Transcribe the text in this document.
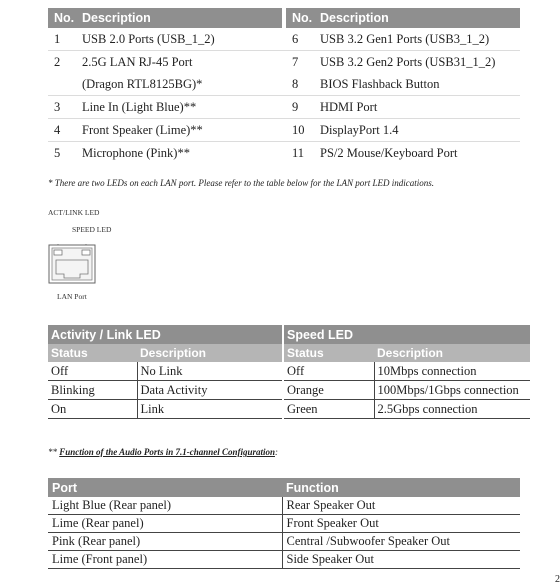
No.	Description		No.	Description
1	USB 2.0 Ports (USB_1_2)		6	USB 3.2 Gen1 Ports (USB3_1_2)
2	2.5G LAN RJ-45 Port		7	USB 3.2 Gen2 Ports (USB31_1_2)
	(Dragon RTL8125BG)*		8	BIOS Flashback Button
3	Line In (Light Blue)**		9	HDMI Port
4	Front Speaker (Lime)**		10	DisplayPort 1.4
5	Microphone (Pink)**		11	PS/2 Mouse/Keyboard Port
* There are two LEDs on each LAN port. Please refer to the table below for the LAN port LED indications.
ACT/LINK LED
SPEED LED
LAN Port
Activity / Link LED	
Status	Description
Off	No Link
Blinking	Data Activity
On	Link
Speed LED	
Status	Description
Off	10Mbps connection
Orange	100Mbps/1Gbps connection
Green	2.5Gbps connection
** Function of the Audio Ports in 7.1-channel Configuration:
Port	Function
Light Blue (Rear panel)	Rear Speaker Out
Lime (Rear panel)	Front Speaker Out
Pink (Rear panel)	Central /Subwoofer Speaker Out
Lime (Front panel)	Side Speaker Out
2
